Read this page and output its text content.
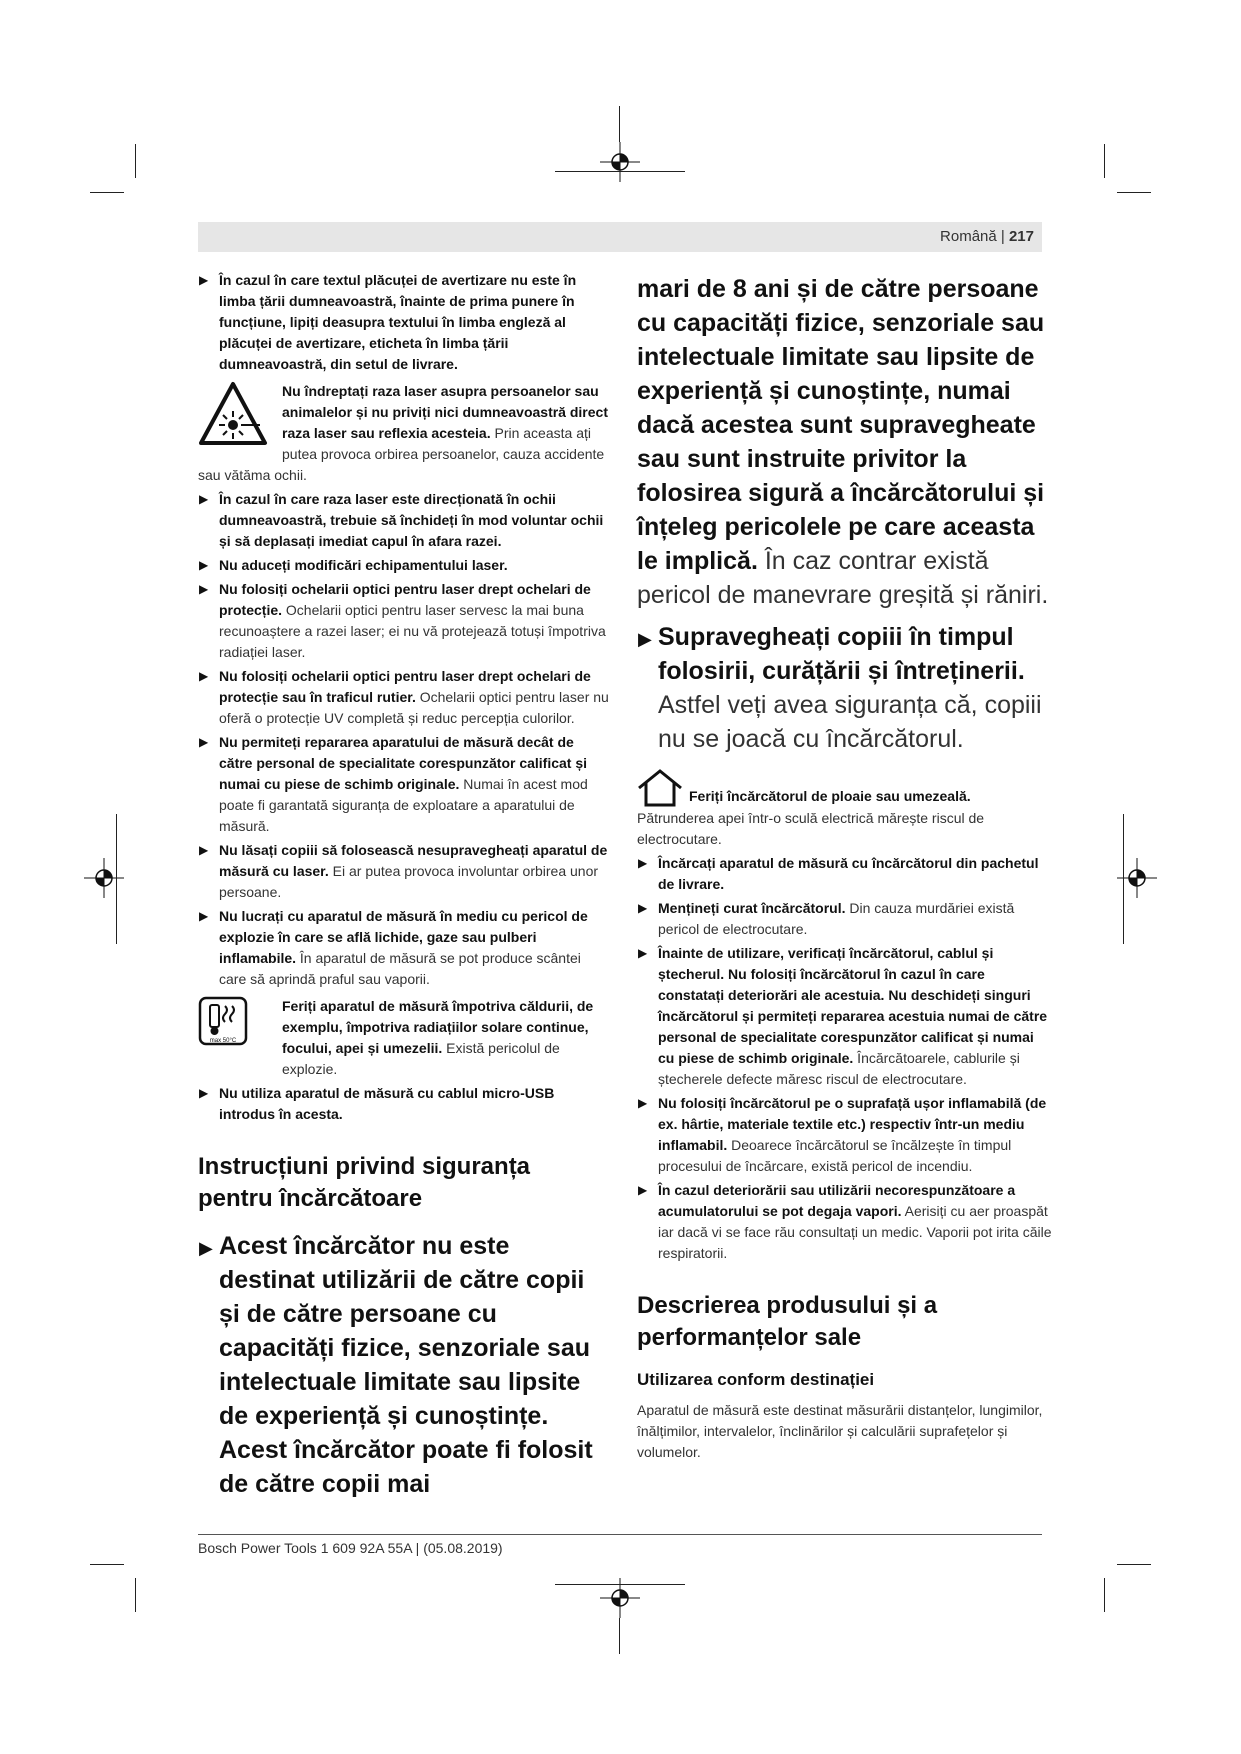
Română | 217
▶ În cazul în care textul plăcuței de avertizare nu este în limba țării dumneavoastră, înainte de prima punere în funcțiune, lipiți deasupra textului în limba engleză al plăcuței de avertizare, eticheta în limba țării dumneavoastră, din setul de livrare.
Nu îndreptați raza laser asupra persoanelor sau animalelor și nu priviți nici dumneavoastră direct raza laser sau reflexia acesteia. Prin aceasta ați putea provoca orbirea persoanelor, cauza accidente sau vătăma ochii.
▶ În cazul în care raza laser este direcționată în ochii dumneavoastră, trebuie să închideți în mod voluntar ochii și să deplasați imediat capul în afara razei.
▶ Nu aduceți modificări echipamentului laser.
▶ Nu folosiți ochelarii optici pentru laser drept ochelari de protecție. Ochelarii optici pentru laser servesc la mai buna recunoaștere a razei laser; ei nu vă protejează totuși împotriva radiației laser.
▶ Nu folosiți ochelarii optici pentru laser drept ochelari de protecție sau în traficul rutier. Ochelarii optici pentru laser nu oferă o protecție UV completă și reduc percepția culorilor.
▶ Nu permiteți repararea aparatului de măsură decât de către personal de specialitate corespunzător calificat și numai cu piese de schimb originale. Numai în acest mod poate fi garantată siguranța de exploatare a aparatului de măsură.
▶ Nu lăsați copiii să folosească nesupravegheați aparatul de măsură cu laser. Ei ar putea provoca involuntar orbirea unor persoane.
▶ Nu lucrați cu aparatul de măsură în mediu cu pericol de explozie în care se află lichide, gaze sau pulberi inflamabile. În aparatul de măsură se pot produce scântei care să aprindă praful sau vaporii.
max 50°C
Feriți aparatul de măsură împotriva căldurii, de exemplu, împotriva radiațiilor solare continue, focului, apei și umezelii. Există pericolul de explozie.
▶ Nu utiliza aparatul de măsură cu cablul micro-USB introdus în acesta.
Instrucțiuni privind siguranța pentru încărcătoare
▶ Acest încărcător nu este destinat utilizării de către copii și de către persoane cu capacități fizice, senzoriale sau intelectuale limitate sau lipsite de experiență și cunoștințe. Acest încărcător poate fi folosit de către copii mai
mari de 8 ani și de către persoane cu capacități fizice, senzoriale sau intelectuale limitate sau lipsite de experiență și cunoștințe, numai dacă acestea sunt supravegheate sau sunt instruite privitor la folosirea sigură a încărcătorului și înțeleg pericolele pe care aceasta le implică. În caz contrar există pericol de manevrare greșită și răniri.
▶ Supravegheați copiii în timpul folosirii, curățării și întreținerii. Astfel veți avea siguranța că, copiii nu se joacă cu încărcătorul.
Feriți încărcătorul de ploaie sau umezeală.
Pătrunderea apei într-o sculă electrică mărește riscul de electrocutare.
▶ Încărcați aparatul de măsură cu încărcătorul din pachetul de livrare.
▶ Mențineți curat încărcătorul. Din cauza murdăriei există pericol de electrocutare.
▶ Înainte de utilizare, verificați încărcătorul, cablul și ștecherul. Nu folosiți încărcătorul în cazul în care constatați deteriorări ale acestuia. Nu deschideți singuri încărcătorul și permiteți repararea acestuia numai de către personal de specialitate corespunzător calificat și numai cu piese de schimb originale. Încărcătoarele, cablurile și ștecherele defecte măresc riscul de electrocutare.
▶ Nu folosiți încărcătorul pe o suprafață ușor inflamabilă (de ex. hârtie, materiale textile etc.) respectiv într-un mediu inflamabil. Deoarece încărcătorul se încălzește în timpul procesului de încărcare, există pericol de incendiu.
▶ În cazul deteriorării sau utilizării necorespunzătoare a acumulatorului se pot degaja vapori. Aerisiți cu aer proaspăt iar dacă vi se face rău consultați un medic. Vaporii pot irita căile respiratorii.
Descrierea produsului și a performanțelor sale
Utilizarea conform destinației
Aparatul de măsură este destinat măsurării distanțelor, lungimilor, înălțimilor, intervalelor, înclinărilor și calculării suprafețelor și volumelor.
Bosch Power Tools 1 609 92A 55A | (05.08.2019)
